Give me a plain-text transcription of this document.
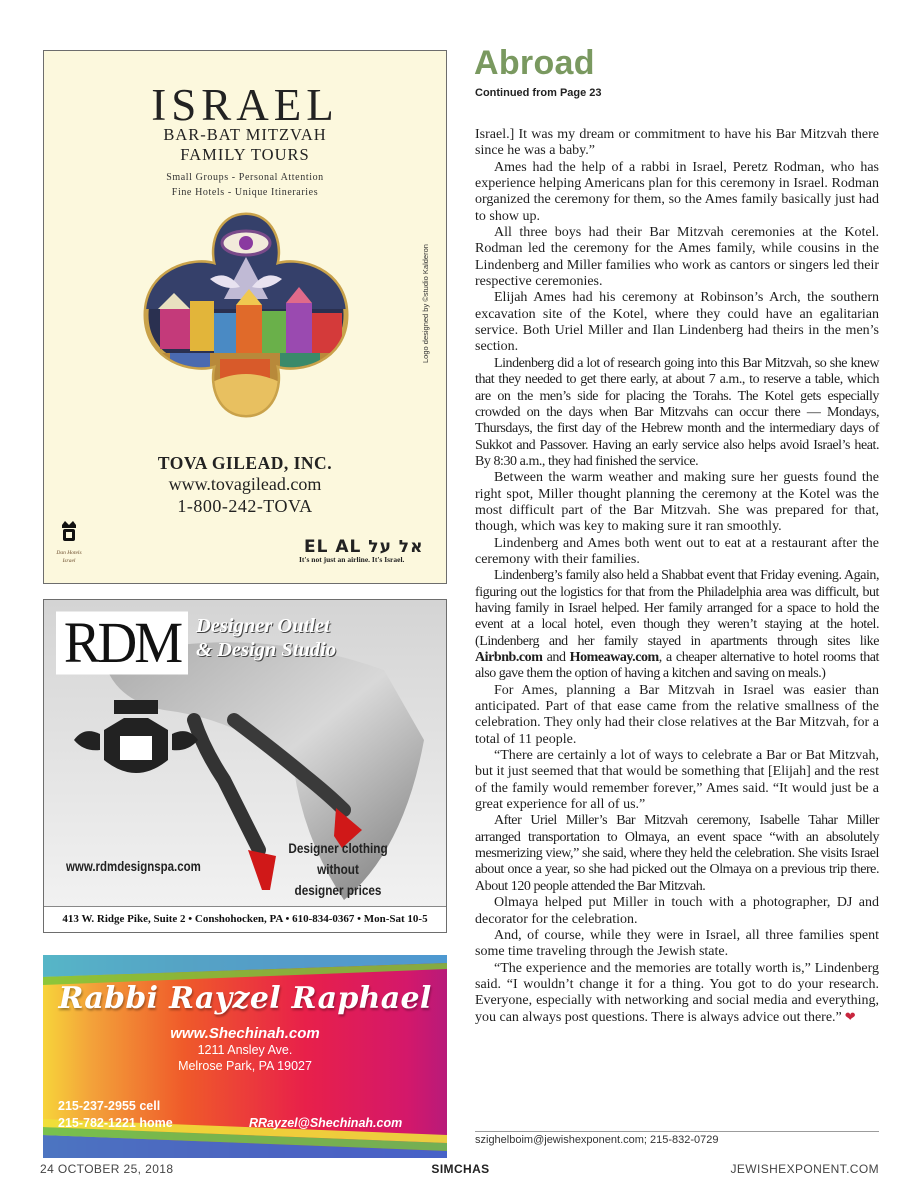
ISRAEL
BAR-BAT MITZVAH
FAMILY TOURS
Small Groups - Personal Attention
Fine Hotels - Unique Itineraries
Logo designed by ©studio Kalderon
TOVA GILEAD, INC.
www.tovagilead.com
1-800-242-TOVA
Dan Hotels
Israel
EL AL אל על
It's not just an airline. It's Israel.
RDM Designer Outlet
& Design Studio
www.rdmdesignspa.com
Designer clothing
without
designer prices
413 W. Ridge Pike, Suite 2 • Conshohocken, PA • 610-834-0367 • Mon-Sat 10-5
Rabbi Rayzel Raphael
www.Shechinah.com
1211 Ansley Ave.
Melrose Park, PA 19027
215-237-2955 cell
215-782-1221 home	RRayzel@Shechinah.com
Abroad
Continued from Page 23

Israel.] It was my dream or commitment to have his Bar Mitzvah there since he was a baby.”

Ames had the help of a rabbi in Israel, Peretz Rodman, who has experience helping Americans plan for this ceremony in Israel. Rodman organized the ceremony for them, so the Ames family basically just had to show up.

All three boys had their Bar Mitzvah ceremonies at the Kotel. Rodman led the ceremony for the Ames family, while cousins in the Lindenberg and Miller families who work as cantors or singers led their respective ceremonies.

Elijah Ames had his ceremony at Robinson’s Arch, the southern excavation site of the Kotel, where they could have an egalitarian service. Both Uriel Miller and Ilan Lindenberg had theirs in the men’s section.

Lindenberg did a lot of research going into this Bar Mitzvah, so she knew that they needed to get there early, at about 7 a.m., to reserve a table, which are on the men’s side for placing the Torahs. The Kotel gets especially crowded on the days when Bar Mitzvahs can occur there — Mondays, Thursdays, the first day of the Hebrew month and the intermediary days of Sukkot and Passover. Having an early service also helps avoid Israel’s heat. By 8:30 a.m., they had finished the service.

Between the warm weather and making sure her guests found the right spot, Miller thought planning the ceremony at the Kotel was the most difficult part of the Bar Mitzvah. She was prepared for that, though, which was key to making sure it ran smoothly.

Lindenberg and Ames both went out to eat at a restaurant after the ceremony with their families.

Lindenberg’s family also held a Shabbat event that Friday evening. Again, figuring out the logistics for that from the Philadelphia area was difficult, but having family in Israel helped. Her family arranged for a space to hold the event at a local hotel, even though they weren’t staying at the hotel. (Lindenberg and her family stayed in apartments through sites like Airbnb.com and Homeaway.com, a cheaper alternative to hotel rooms that also gave them the option of having a kitchen and saving on meals.)

For Ames, planning a Bar Mitzvah in Israel was easier than anticipated. Part of that ease came from the relative smallness of the celebration. They only had their close relatives at the Bar Mitzvah, for a total of 11 people.

“There are certainly a lot of ways to celebrate a Bar or Bat Mitzvah, but it just seemed that that would be something that [Elijah] and the rest of the family would remember forever,” Ames said. “It would just be a great experience for all of us.”

After Uriel Miller’s Bar Mitzvah ceremony, Isabelle Tahar Miller arranged transportation to Olmaya, an event space “with an absolutely mesmerizing view,” she said, where they held the celebration. She visits Israel about once a year, so she had picked out the Olmaya on a previous trip there. About 120 people attended the Bar Mitzvah.

Olmaya helped put Miller in touch with a photographer, DJ and decorator for the celebration.

And, of course, while they were in Israel, all three families spent some time traveling through the Jewish state.

“The experience and the memories are totally worth is,” Lindenberg said. “I wouldn’t change it for a thing. You got to do your research. Everyone, especially with networking and social media and everything, you can always post questions. There is always advice out there.” ❤

szighelboim@jewishexponent.com; 215-832-0729
24 OCTOBER 25, 2018	SIMCHAS	JEWISHEXPONENT.COM
